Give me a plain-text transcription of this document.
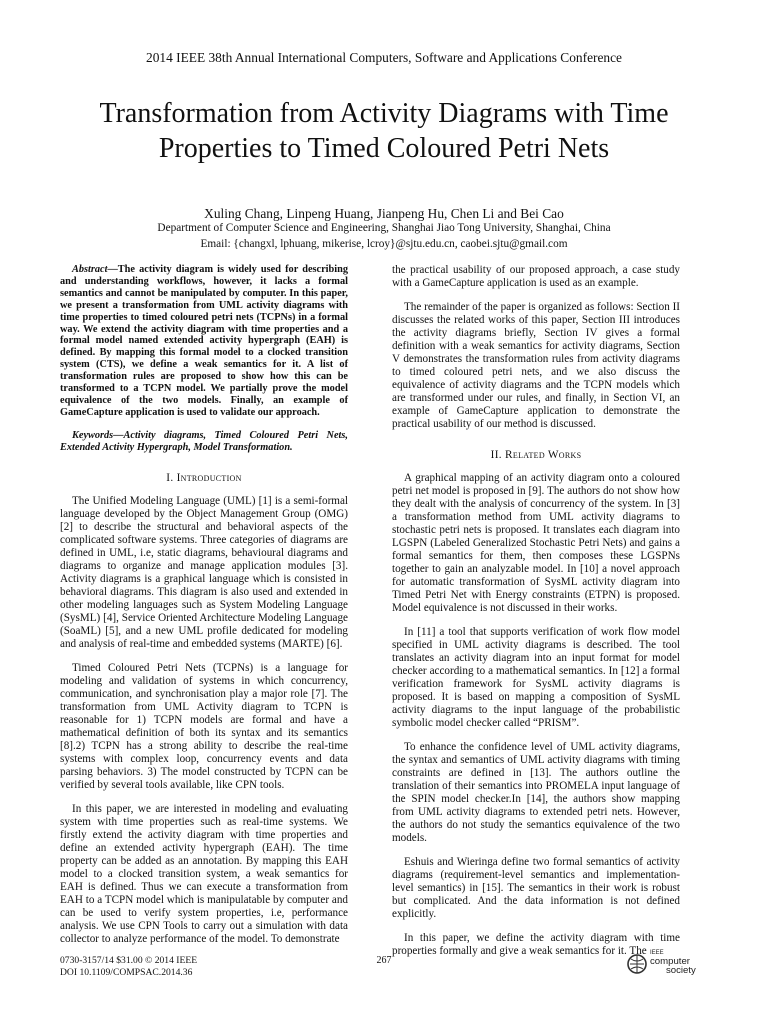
2014 IEEE 38th Annual International Computers, Software and Applications Conference
Transformation from Activity Diagrams with Time
Properties to Timed Coloured Petri Nets
Xuling Chang, Linpeng Huang, Jianpeng Hu, Chen Li and Bei Cao
Department of Computer Science and Engineering, Shanghai Jiao Tong University, Shanghai, China
Email: {changxl, lphuang, mikerise, lcroy}@sjtu.edu.cn, caobei.sjtu@gmail.com

Abstract—The activity diagram is widely used for describing and understanding workflows, however, it lacks a formal semantics and cannot be manipulated by computer. In this paper, we present a transformation from UML activity diagrams with time properties to timed coloured petri nets (TCPNs) in a formal way. We extend the activity diagram with time properties and a formal model named extended activity hypergraph (EAH) is defined. By mapping this formal model to a clocked transition system (CTS), we define a weak semantics for it. A list of transformation rules are proposed to show how this can be transformed to a TCPN model. We partially prove the model equivalence of the two models. Finally, an example of GameCapture application is used to validate our approach.

Keywords—Activity diagrams, Timed Coloured Petri Nets, Extended Activity Hypergraph, Model Transformation.

I. Introduction

The Unified Modeling Language (UML) [1] is a semi-formal language developed by the Object Management Group (OMG) [2] to describe the structural and behavioral aspects of the complicated software systems. Three categories of diagrams are defined in UML, i.e, static diagrams, behavioural diagrams and diagrams to organize and manage application modules [3]. Activity diagrams is a graphical language which is consisted in behavioral diagrams. This diagram is also used and extended in other modeling languages such as System Modeling Language (SysML) [4], Service Oriented Architecture Modeling Language (SoaML) [5], and a new UML profile dedicated for modeling and analysis of real-time and embedded systems (MARTE) [6].

Timed Coloured Petri Nets (TCPNs) is a language for modeling and validation of systems in which concurrency, communication, and synchronisation play a major role [7]. The transformation from UML Activity diagram to TCPN is reasonable for 1) TCPN models are formal and have a mathematical definition of both its syntax and its semantics [8].2) TCPN has a strong ability to describe the real-time systems with complex loop, concurrency events and data parsing behaviors. 3) The model constructed by TCPN can be verified by several tools available, like CPN tools.

In this paper, we are interested in modeling and evaluating system with time properties such as real-time systems. We firstly extend the activity diagram with time properties and define an extended activity hypergraph (EAH). The time property can be added as an annotation. By mapping this EAH model to a clocked transition system, a weak semantics for EAH is defined. Thus we can execute a transformation from EAH to a TCPN model which is manipulatable by computer and can be used to verify system properties, i.e, performance analysis. We use CPN Tools to carry out a simulation with data collector to analyze performance of the model. To demonstrate

the practical usability of our proposed approach, a case study with a GameCapture application is used as an example.

The remainder of the paper is organized as follows: Section II discusses the related works of this paper, Section III introduces the activity diagrams briefly, Section IV gives a formal definition with a weak semantics for activity diagrams, Section V demonstrates the transformation rules from activity diagrams to timed coloured petri nets, and we also discuss the equivalence of activity diagrams and the TCPN models which are transformed under our rules, and finally, in Section VI, an example of GameCapture application to demonstrate the practical usability of our method is discussed.

II. Related Works

A graphical mapping of an activity diagram onto a coloured petri net model is proposed in [9]. The authors do not show how they dealt with the analysis of concurrency of the system. In [3] a transformation method from UML activity diagrams to stochastic petri nets is proposed. It translates each diagram into LGSPN (Labeled Generalized Stochastic Petri Nets) and gains a formal semantics for them, then composes these LGSPNs together to gain an analyzable model. In [10] a novel approach for automatic transformation of SysML activity diagram into Timed Petri Net with Energy constraints (ETPN) is proposed. Model equivalence is not discussed in their works.

In [11] a tool that supports verification of work flow model specified in UML activity diagrams is described. The tool translates an activity diagram into an input format for model checker according to a mathematical semantics. In [12] a formal verification framework for SysML activity diagrams is proposed. It is based on mapping a composition of SysML activity diagrams to the input language of the probabilistic symbolic model checker called “PRISM”.

To enhance the confidence level of UML activity diagrams, the syntax and semantics of UML activity diagrams with timing constraints are defined in [13]. The authors outline the translation of their semantics into PROMELA input language of the SPIN model checker.In [14], the authors show mapping from UML activity diagrams to extended petri nets. However, the authors do not study the semantics equivalence of the two models.

Eshuis and Wieringa define two formal semantics of activity diagrams (requirement-level semantics and implementation-level semantics) in [15]. The semantics in their work is robust but complicated. And the data information is not defined explicitly.

In this paper, we define the activity diagram with time properties formally and give a weak semantics for it. The

0730-3157/14 $31.00 © 2014 IEEE
DOI 10.1109/COMPSAC.2014.36
267
IEEE
computer
society
